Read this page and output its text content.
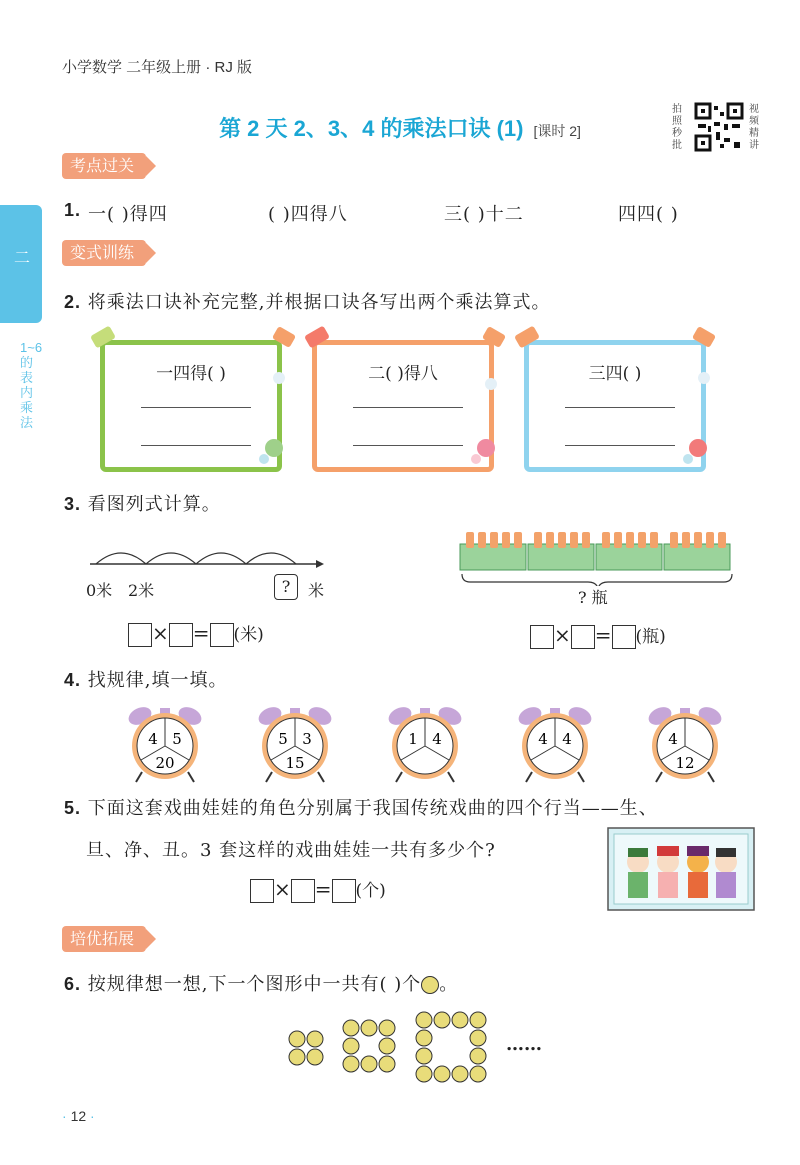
小学数学 二年级上册 · RJ 版
第 2 天 2、3、4 的乘法口诀 (1) [课时 2]
拍照秒批
视频精讲
二
1~6的表内乘法
考点过关
1. 一( )得四	( )四得八	三( )十二	四四( )
变式训练
2. 将乘法口诀补充完整,并根据口诀各写出两个乘法算式。
一四得( )	二( )得八	三四( )
3. 看图列式计算。
0米 2米	?	米	? 瓶
× = (米)	× = (瓶)
4. 找规律,填一填。
4 5
20
5 3
15
1 4	4 4	4
12
5. 下面这套戏曲娃娃的角色分别属于我国传统戏曲的四个行当——生、
旦、净、丑。3 套这样的戏曲娃娃一共有多少个?
× = (个)
培优拓展
6. 按规律想一想,下一个图形中一共有( )个 。
……
· 12 ·
